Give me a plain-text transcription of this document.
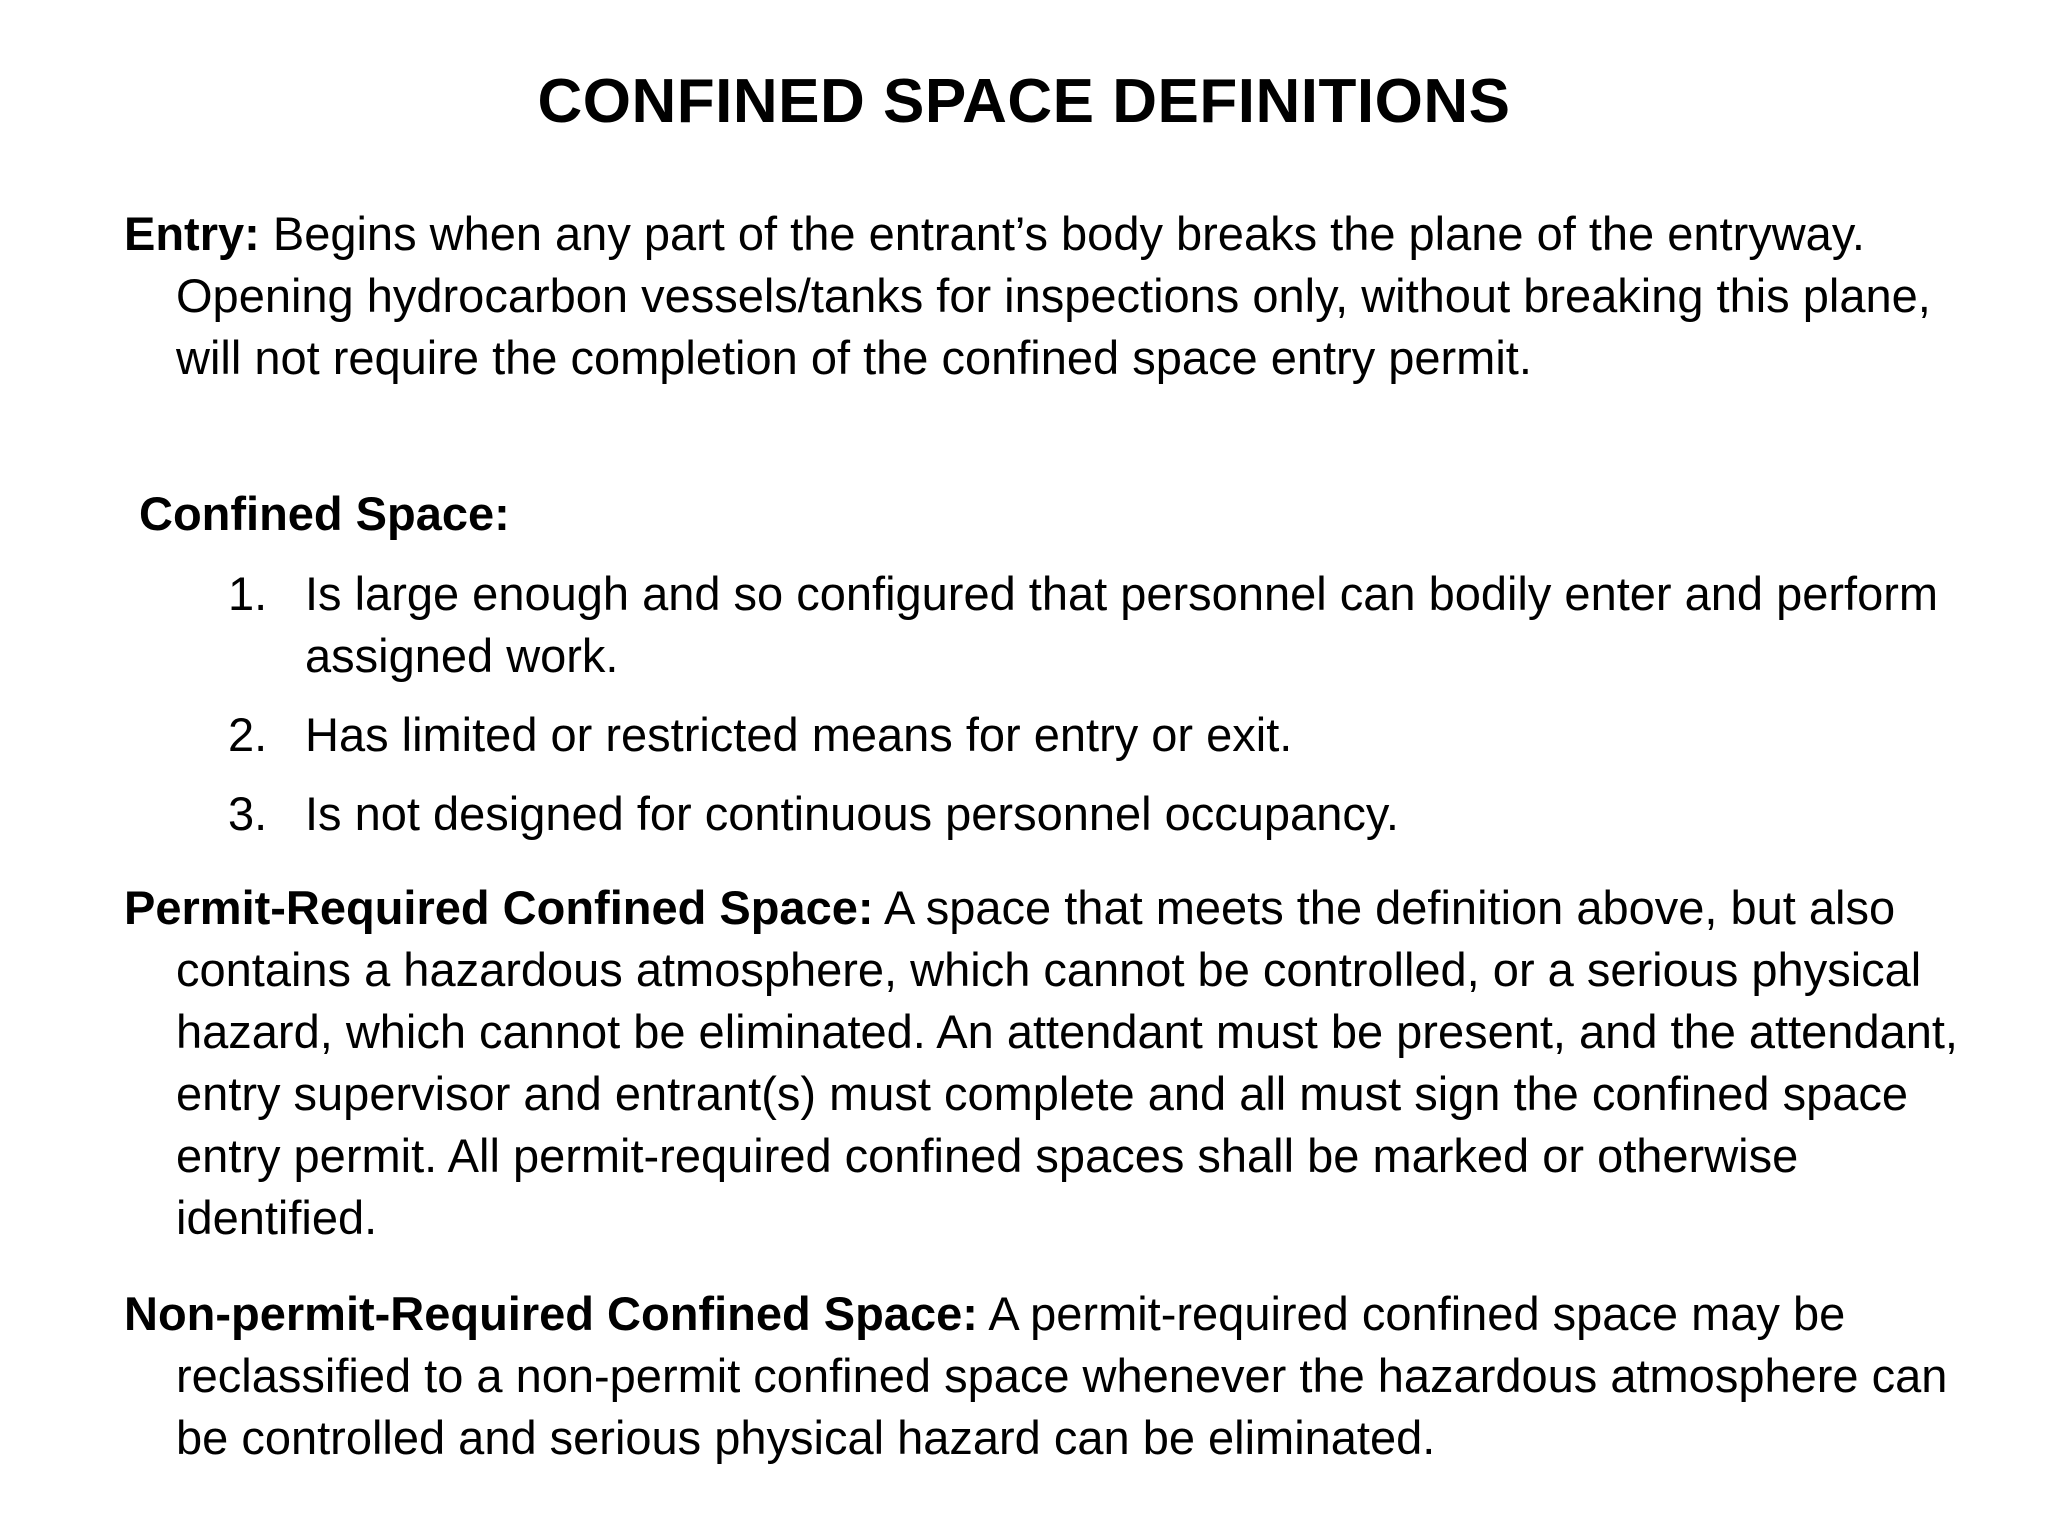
CONFINED SPACE DEFINITIONS
Entry: Begins when any part of the entrant’s body breaks the plane of the entryway. Opening hydrocarbon vessels/tanks for inspections only, without breaking this plane, will not require the completion of the confined space entry permit.
Confined Space:
1. Is large enough and so configured that personnel can bodily enter and perform assigned work.
2. Has limited or restricted means for entry or exit.
3. Is not designed for continuous personnel occupancy.
Permit-Required Confined Space: A space that meets the definition above, but also contains a hazardous atmosphere, which cannot be controlled, or a serious physical hazard, which cannot be eliminated. An attendant must be present, and the attendant, entry supervisor and entrant(s) must complete and all must sign the confined space entry permit. All permit-required confined spaces shall be marked or otherwise identified.
Non-permit-Required Confined Space: A permit-required confined space may be reclassified to a non-permit confined space whenever the hazardous atmosphere can be controlled and serious physical hazard can be eliminated.
